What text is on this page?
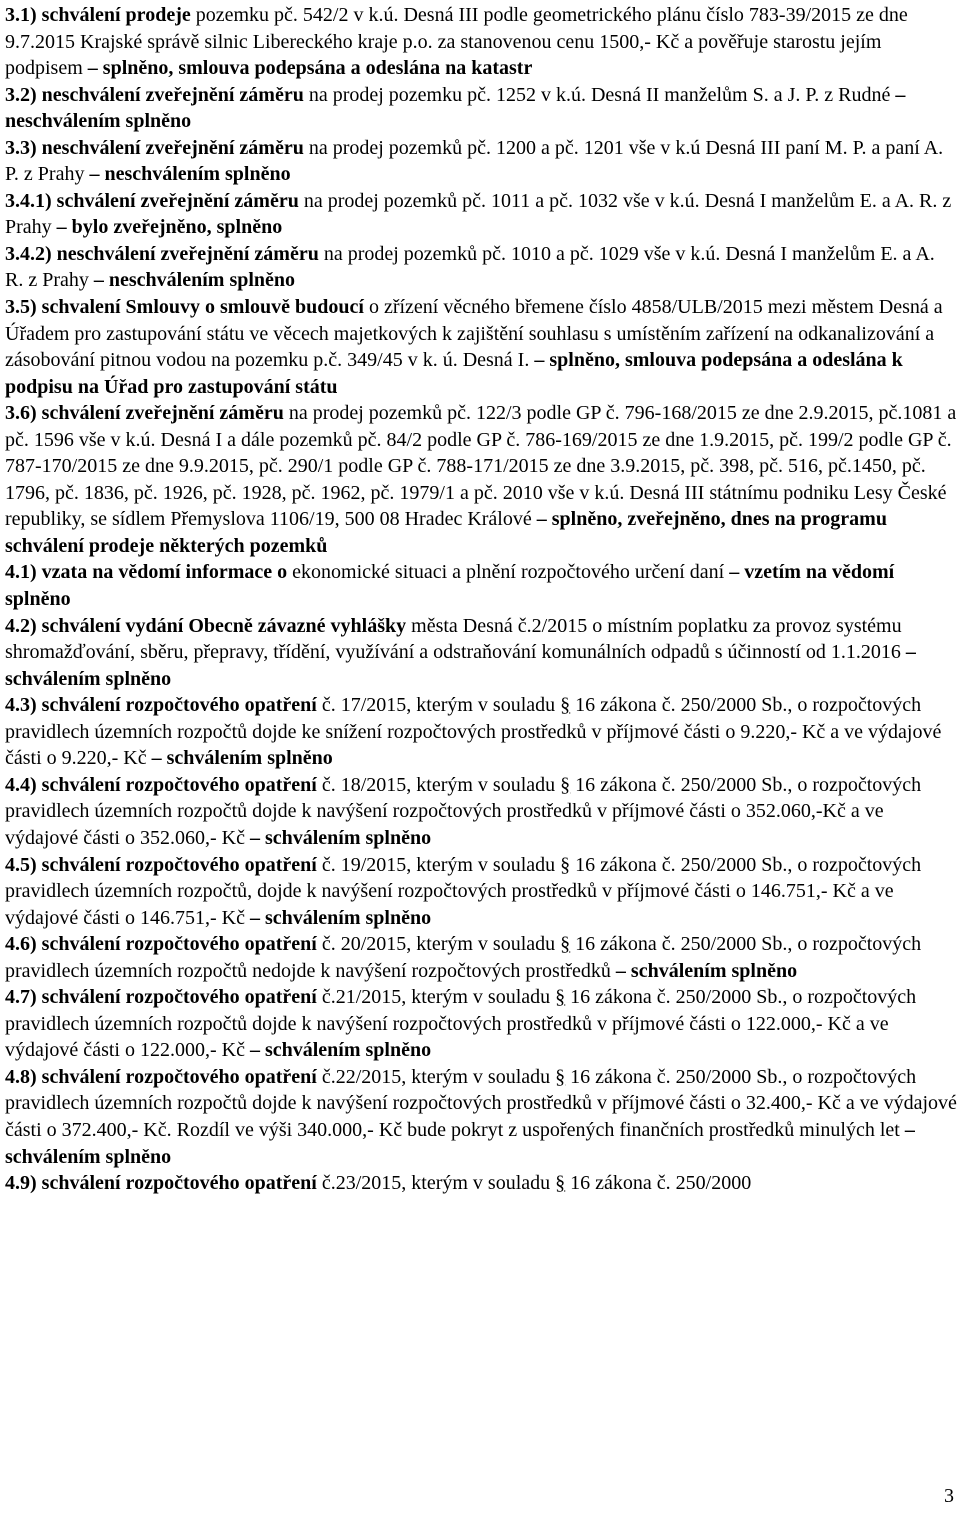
3.1) schválení prodeje pozemku pč. 542/2 v k.ú. Desná III podle geometrického plánu číslo 783-39/2015 ze dne 9.7.2015 Krajské správě silnic Libereckého kraje p.o. za stanovenou cenu 1500,- Kč a pověřuje starostu jejím podpisem – splněno, smlouva podepsána a odeslána na katastr

3.2) neschválení zveřejnění záměru na prodej pozemku pč. 1252 v k.ú. Desná II manželům S. a J. P. z Rudné – neschválením splněno

3.3) neschválení zveřejnění záměru na prodej pozemků pč. 1200 a pč. 1201 vše v k.ú Desná III paní M. P. a paní A. P. z Prahy – neschválením splněno

3.4.1) schválení zveřejnění záměru na prodej pozemků pč. 1011 a pč. 1032 vše v k.ú. Desná I manželům E. a A. R. z Prahy – bylo zveřejněno, splněno

3.4.2) neschválení zveřejnění záměru na prodej pozemků pč. 1010 a pč. 1029 vše v k.ú. Desná I manželům E. a A. R. z Prahy – neschválením splněno

3.5) schvalení Smlouvy o smlouvě budoucí o zřízení věcného břemene číslo 4858/ULB/2015 mezi městem Desná a Úřadem pro zastupování státu ve věcech majetkových k zajištění souhlasu s umístěním zařízení na odkanalizování a zásobování pitnou vodou na pozemku p.č. 349/45 v k. ú. Desná I. – splněno, smlouva podepsána a odeslána k podpisu na Úřad pro zastupování státu

3.6) schválení zveřejnění záměru na prodej pozemků pč. 122/3 podle GP č. 796-168/2015 ze dne 2.9.2015, pč.1081 a pč. 1596 vše v k.ú. Desná I a dále pozemků pč. 84/2 podle GP č. 786-169/2015 ze dne 1.9.2015, pč. 199/2 podle GP č. 787-170/2015 ze dne 9.9.2015, pč. 290/1 podle GP č. 788-171/2015 ze dne 3.9.2015, pč. 398, pč. 516, pč.1450, pč. 1796, pč. 1836, pč. 1926, pč. 1928, pč. 1962, pč. 1979/1 a pč. 2010 vše v k.ú. Desná III státnímu podniku Lesy České republiky, se sídlem Přemyslova 1106/19, 500 08 Hradec Králové – splněno, zveřejněno, dnes na programu schválení prodeje některých pozemků

4.1) vzata na vědomí informace o ekonomické situaci a plnění rozpočtového určení daní – vzetím na vědomí splněno

4.2) schválení vydání Obecně závazné vyhlášky města Desná č.2/2015 o místním poplatku za provoz systému shromažďování, sběru, přepravy, třídění, využívání a odstraňování komunálních odpadů s účinností od 1.1.2016 – schválením splněno

4.3) schválení rozpočtového opatření č. 17/2015, kterým v souladu § 16 zákona č. 250/2000 Sb., o rozpočtových pravidlech územních rozpočtů dojde ke snížení rozpočtových prostředků v příjmové části o 9.220,- Kč a ve výdajové části o 9.220,- Kč – schválením splněno

4.4) schválení rozpočtového opatření č. 18/2015, kterým v souladu § 16 zákona č. 250/2000 Sb., o rozpočtových pravidlech územních rozpočtů dojde k navýšení rozpočtových prostředků v příjmové části o 352.060,-Kč a ve výdajové části o 352.060,- Kč – schválením splněno

4.5) schválení rozpočtového opatření č. 19/2015, kterým v souladu § 16 zákona č. 250/2000 Sb., o rozpočtových pravidlech územních rozpočtů, dojde k navýšení rozpočtových prostředků v příjmové části o 146.751,- Kč a ve výdajové části o 146.751,- Kč – schválením splněno

4.6) schválení rozpočtového opatření č. 20/2015, kterým v souladu § 16 zákona č. 250/2000 Sb., o rozpočtových pravidlech územních rozpočtů nedojde k navýšení rozpočtových prostředků – schválením splněno

4.7) schválení rozpočtového opatření č.21/2015, kterým v souladu § 16 zákona č. 250/2000 Sb., o rozpočtových pravidlech územních rozpočtů dojde k navýšení rozpočtových prostředků v příjmové části o 122.000,- Kč a ve výdajové části o 122.000,- Kč – schválením splněno

4.8) schválení rozpočtového opatření č.22/2015, kterým v souladu § 16 zákona č. 250/2000 Sb., o rozpočtových pravidlech územních rozpočtů dojde k navýšení rozpočtových prostředků v příjmové části o 32.400,- Kč a ve výdajové části o 372.400,- Kč. Rozdíl ve výši 340.000,- Kč bude pokryt z uspořených finančních prostředků minulých let – schválením splněno

4.9) schválení rozpočtového opatření č.23/2015, kterým v souladu § 16 zákona č. 250/2000

3
